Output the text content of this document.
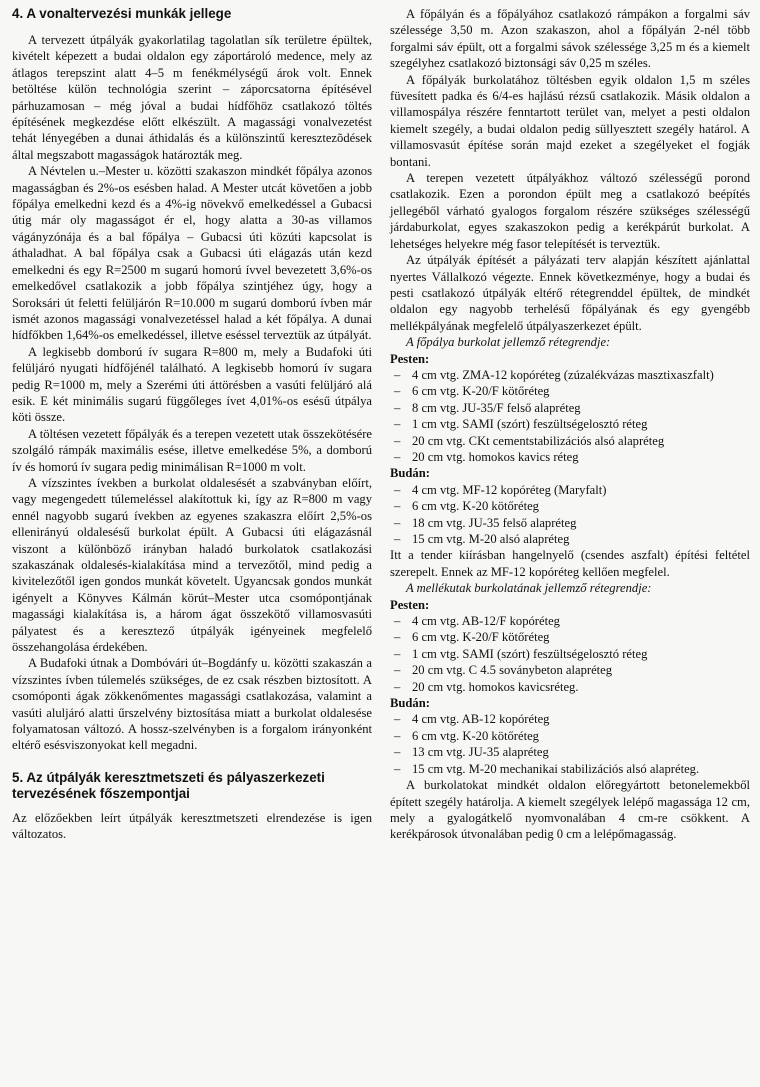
4. A vonaltervezési munkák jellege

A tervezett útpályák gyakorlatilag tagolatlan sík területre épültek, kivételt képezett a budai oldalon egy záportároló medence, mely az átlagos terepszint alatt 4–5 m fenékmélységű árok volt. Ennek betöltése külön technológia szerint – záporcsatorna építésével párhuzamosan – még jóval a budai hídfőhöz csatlakozó töltés építésének megkezdése előtt elkészült. A magassági vonalvezetést tehát lényegében a dunai áthidalás és a különszintű keresztezõdések által megszabott magasságok határozták meg.

A Névtelen u.–Mester u. közötti szakaszon mindkét főpálya azonos magasságban és 2%-os esésben halad. A Mester utcát követően a jobb főpálya emelkedni kezd és a 4%-ig növekvő emelkedéssel a Gubacsi útig már oly magasságot ér el, hogy alatta a 30-as villamos vágányzónája és a bal főpálya – Gubacsi úti közúti kapcsolat is áthaladhat. A bal főpálya csak a Gubacsi úti elágazás után kezd emelkedni és egy R=2500 m sugarú homorú ívvel bevezetett 3,6%-os emelkedővel csatlakozik a jobb főpálya szintjéhez úgy, hogy a Soroksári út feletti felüljárón R=10.000 m sugarú domború ívben már ismét azonos magassági vonalvezetéssel halad a két főpálya. A dunai hídfőkben 1,64%-os emelkedéssel, illetve eséssel terveztük az útpályát.

A legkisebb domború ív sugara R=800 m, mely a Budafoki úti felüljáró nyugati hídfőjénél található. A legkisebb homorú ív sugara pedig R=1000 m, mely a Szerémi úti áttörésben a vasúti felüljáró alá esik. E két minimális sugarú függőleges ívet 4,01%-os esésű útpálya köti össze.

A töltésen vezetett főpályák és a terepen vezetett utak összekötésére szolgáló rámpák maximális esése, illetve emelkedése 5%, a domború ív és homorú ív sugara pedig minimálisan R=1000 m volt.

A vízszintes ívekben a burkolat oldalesését a szabványban előírt, vagy megengedett túlemeléssel alakítottuk ki, így az R=800 m vagy ennél nagyobb sugarú ívekben az egyenes szakaszra előírt 2,5%-os ellenirányú oldalesésű burkolat épült. A Gubacsi úti elágazásnál viszont a különböző irányban haladó burkolatok csatlakozási szakaszának oldalesés-kialakítása mind a tervezőtől, mind pedig a kivitelezőtől igen gondos munkát követelt. Ugyancsak gondos munkát igényelt a Könyves Kálmán körút–Mester utca csomópontjának magassági kialakítása is, a három ágat összekötő villamosvasúti pályatest és a keresztező útpályák igényeinek megfelelő összehangolása érdekében.

A Budafoki útnak a Dombóvári út–Bogdánfy u. közötti szakaszán a vízszintes ívben túlemelés szükséges, de ez csak részben biztosított. A csomóponti ágak zökkenőmentes magassági csatlakozása, valamint a vasúti aluljáró alatti űrszelvény biztosítása miatt a burkolat oldalesése folyamatosan változó. A hossz-szelvényben is a forgalom irányonként eltérő esésviszonyokat kell megadni.

5. Az útpályák keresztmetszeti és pályaszerkezeti tervezésének főszempontjai

Az előzőekben leírt útpályák keresztmetszeti elrendezése is igen változatos.

A főpályán és a főpályához csatlakozó rámpákon a forgalmi sáv szélessége 3,50 m. Azon szakaszon, ahol a főpályán 2-nél több forgalmi sáv épült, ott a forgalmi sávok szélessége 3,25 m és a kiemelt szegélyhez csatlakozó biztonsági sáv 0,25 m széles.

A főpályák burkolatához töltésben egyik oldalon 1,5 m széles füvesített padka és 6/4-es hajlású rézsű csatlakozik. Másik oldalon a villamospálya részére fenntartott terület van, melyet a pesti oldalon kiemelt szegély, a budai oldalon pedig süllyesztett szegély határol. A villamosvasút építése során majd ezeket a szegélyeket el fogják bontani.

A terepen vezetett útpályákhoz változó szélességű porond csatlakozik. Ezen a porondon épült meg a csatlakozó beépítés jellegéből várható gyalogos forgalom részére szükséges szélességű járdaburkolat, egyes szakaszokon pedig a kerékpárút burkolat. A lehetséges helyekre még fasor telepítését is terveztük.

Az útpályák építését a pályázati terv alapján készített ajánlattal nyertes Vállalkozó végezte. Ennek következménye, hogy a budai és pesti csatlakozó útpályák eltérő rétegrenddel épültek, de mindkét oldalon egy nagyobb terhelésű főpályának és egy gyengébb mellékpályának megfelelő útpályaszerkezet épült.

A főpálya burkolat jellemző rétegrendje:

Pesten:

– 4 cm vtg. ZMA-12 kopóréteg (zúzalékvázas masztixaszfalt)
– 6 cm vtg. K-20/F kötőréteg
– 8 cm vtg. JU-35/F felső alapréteg
– 1 cm vtg. SAMI (szórt) feszültségelosztó réteg
– 20 cm vtg. CKt cementstabilizációs alsó alapréteg
– 20 cm vtg. homokos kavics réteg

Budán:

– 4 cm vtg. MF-12 kopóréteg (Maryfalt)
– 6 cm vtg. K-20 kötőréteg
– 18 cm vtg. JU-35 felső alapréteg
– 15 cm vtg. M-20 alsó alapréteg

Itt a tender kiírásban hangelnyelő (csendes aszfalt) építési feltétel szerepelt. Ennek az MF-12 kopóréteg kellően megfelel.

A mellékutak burkolatának jellemző rétegrendje:

Pesten:

– 4 cm vtg. AB-12/F kopóréteg
– 6 cm vtg. K-20/F kötőréteg
– 1 cm vtg. SAMI (szórt) feszültségelosztó réteg
– 20 cm vtg. C 4.5 soványbeton alapréteg
– 20 cm vtg. homokos kavicsréteg.

Budán:

– 4 cm vtg. AB-12 kopóréteg
– 6 cm vtg. K-20 kötőréteg
– 13 cm vtg. JU-35 alapréteg
– 15 cm vtg. M-20 mechanikai stabilizációs alsó alapréteg.

A burkolatokat mindkét oldalon előregyártott betonelemekből épített szegély határolja. A kiemelt szegélyek lelépő magassága 12 cm, mely a gyalogátkelő nyomvonalában 4 cm-re csökkent. A kerékpárosok útvonalában pedig 0 cm a lelépőmagasság.
